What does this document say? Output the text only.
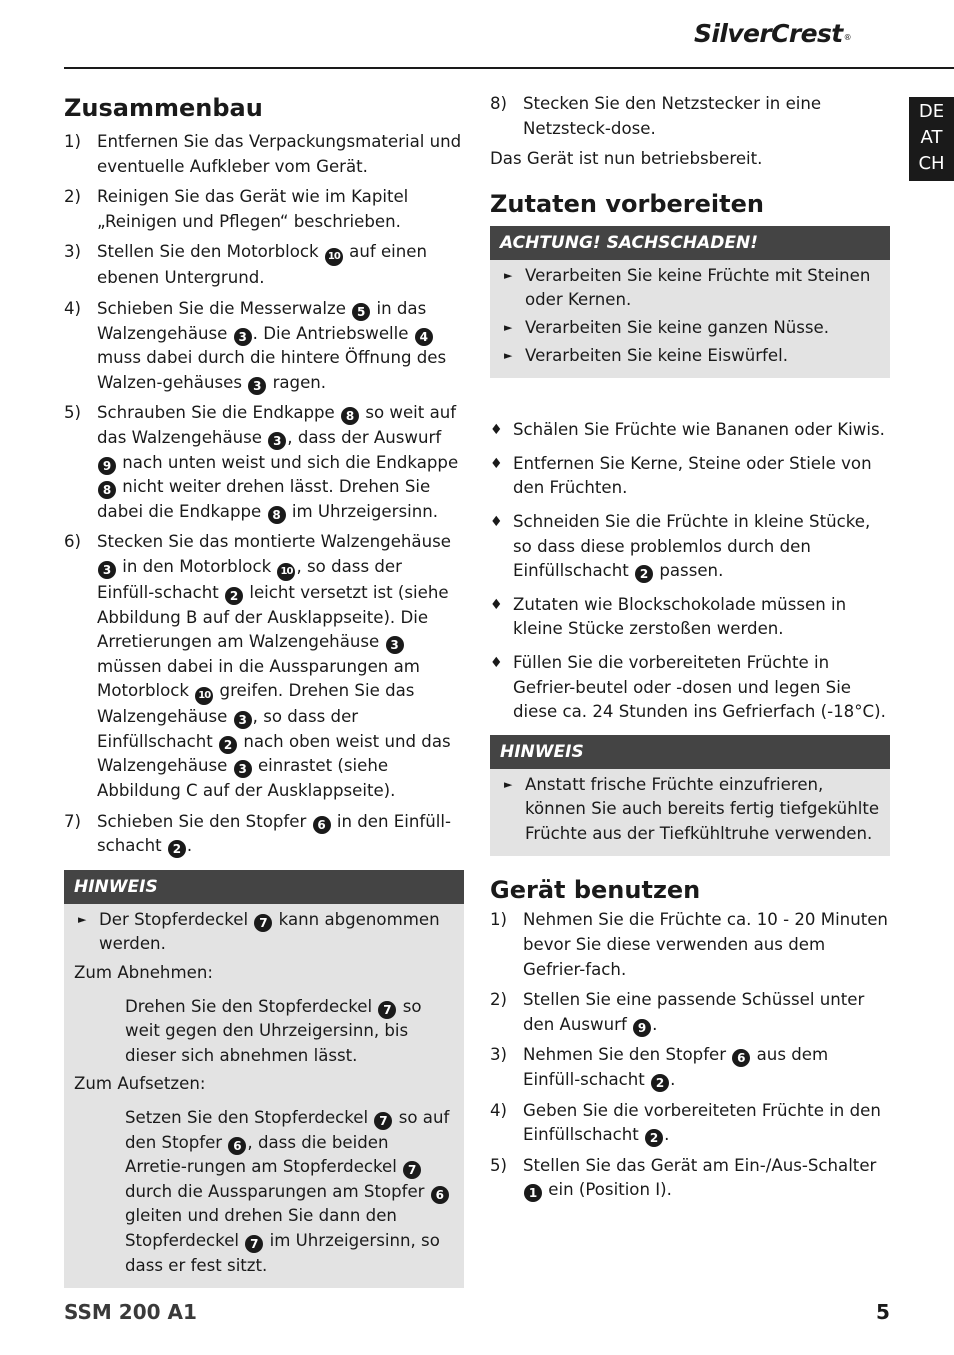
SilverCrest®
DE
AT
CH
Zusammenbau
1) Entfernen Sie das Verpackungsmaterial und eventuelle Aufkleber vom Gerät.
2) Reinigen Sie das Gerät wie im Kapitel „Reinigen und Pflegen“ beschrieben.
3) Stellen Sie den Motorblock 10 auf einen ebenen Untergrund.
4) Schieben Sie die Messerwalze 5 in das Walzengehäuse 3 . Die Antriebswelle 4 muss dabei durch die hintere Öffnung des Walzen-gehäuses 3 ragen.
5) Schrauben Sie die Endkappe 8 so weit auf das Walzengehäuse 3 , dass der Auswurf 9 nach unten weist und sich die Endkappe 8 nicht weiter drehen lässt. Drehen Sie dabei die Endkappe 8 im Uhrzeigersinn.
6) Stecken Sie das montierte Walzengehäuse 3 in den Motorblock 10 , so dass der Einfüll-schacht 2 leicht versetzt ist (siehe Abbildung B auf der Ausklappseite). Die Arretierungen am Walzengehäuse 3 müssen dabei in die Aussparungen am Motorblock 10 greifen. Drehen Sie das Walzengehäuse 3 , so dass der Einfüllschacht 2 nach oben weist und das Walzengehäuse 3 einrastet (siehe Abbildung C auf der Ausklappseite).
7) Schieben Sie den Stopfer 6 in den Einfüll-schacht 2 .
HINWEIS
► Der Stopferdeckel 7 kann abgenommen werden.
Zum Abnehmen:
Drehen Sie den Stopferdeckel 7 so weit gegen den Uhrzeigersinn, bis dieser sich abnehmen lässt.
Zum Aufsetzen:
Setzen Sie den Stopferdeckel 7 so auf den Stopfer 6 , dass die beiden Arretie-rungen am Stopferdeckel 7 durch die Aussparungen am Stopfer 6 gleiten und drehen Sie dann den Stopferdeckel 7 im Uhrzeigersinn, so dass er fest sitzt.
8) Stecken Sie den Netzstecker in eine Netzsteck-dose.
Das Gerät ist nun betriebsbereit.
Zutaten vorbereiten
ACHTUNG! SACHSCHADEN!
► Verarbeiten Sie keine Früchte mit Steinen oder Kernen.
► Verarbeiten Sie keine ganzen Nüsse.
► Verarbeiten Sie keine Eiswürfel.
♦ Schälen Sie Früchte wie Bananen oder Kiwis.
♦ Entfernen Sie Kerne, Steine oder Stiele von den Früchten.
♦ Schneiden Sie die Früchte in kleine Stücke, so dass diese problemlos durch den Einfüllschacht 2 passen.
♦ Zutaten wie Blockschokolade müssen in kleine Stücke zerstoßen werden.
♦ Füllen Sie die vorbereiteten Früchte in Gefrier-beutel oder -dosen und legen Sie diese ca. 24 Stunden ins Gefrierfach (-18°C).
HINWEIS
► Anstatt frische Früchte einzufrieren, können Sie auch bereits fertig tiefgekühlte Früchte aus der Tiefkühltruhe verwenden.
Gerät benutzen
1) Nehmen Sie die Früchte ca. 10 - 20 Minuten bevor Sie diese verwenden aus dem Gefrier-fach.
2) Stellen Sie eine passende Schüssel unter den Auswurf 9 .
3) Nehmen Sie den Stopfer 6 aus dem Einfüll-schacht 2 .
4) Geben Sie die vorbereiteten Früchte in den Einfüllschacht 2 .
5) Stellen Sie das Gerät am Ein-/Aus-Schalter 1 ein (Position I).
SSM 200 A1	5
